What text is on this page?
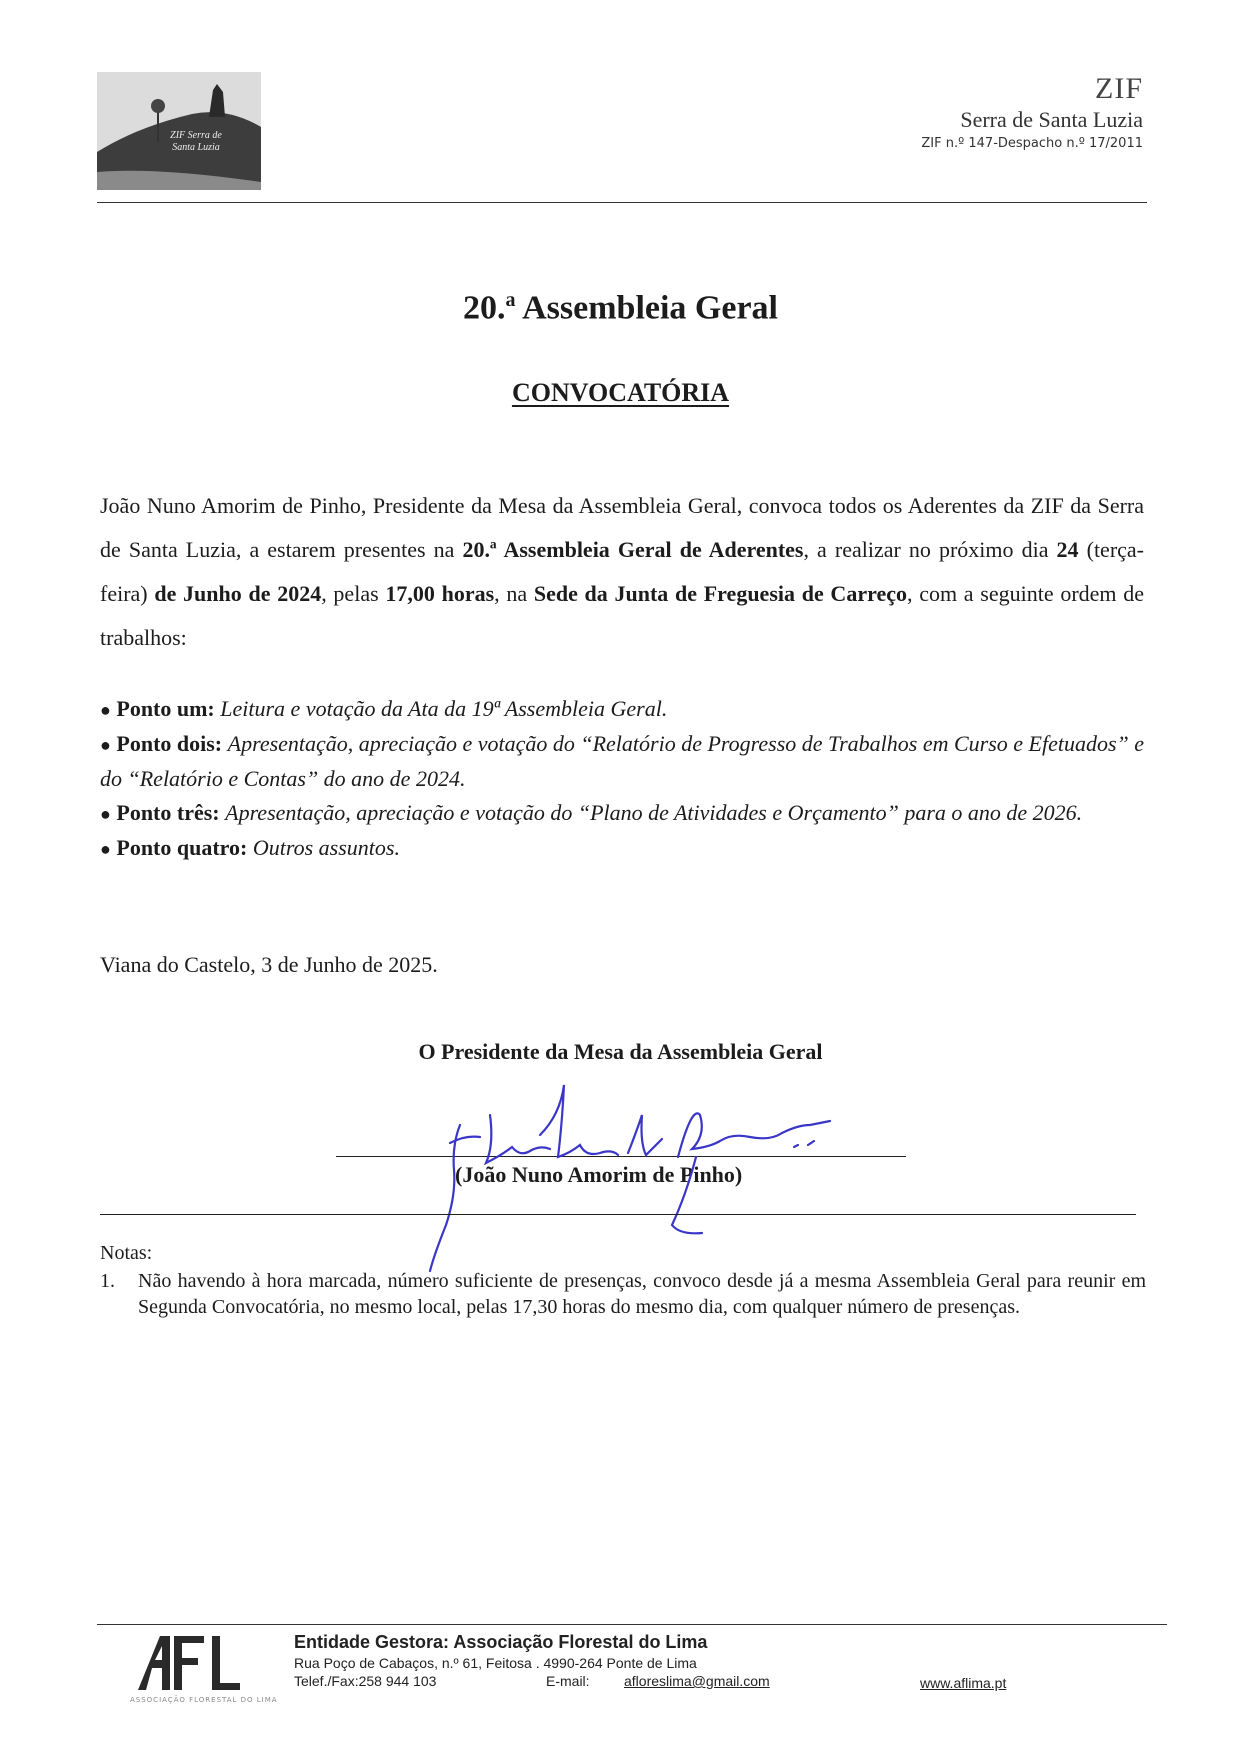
ZIF Serra de Santa Luzia
ZIF
Serra de Santa Luzia
ZIF n.º 147-Despacho n.º 17/2011
20.$^a$ Assembleia Geral
CONVOCATÓRIA
João Nuno Amorim de Pinho, Presidente da Mesa da Assembleia Geral, convoca todos os Aderentes da ZIF da Serra de Santa Luzia, a estarem presentes na 20.ª Assembleia Geral de Aderentes, a realizar no próximo dia 24 (terça-feira) de Junho de 2024, pelas 17,00 horas, na Sede da Junta de Freguesia de Carreço, com a seguinte ordem de trabalhos:

● Ponto um: Leitura e votação da Ata da 19ª Assembleia Geral.

● Ponto dois: Apresentação, apreciação e votação do “Relatório de Progresso de Trabalhos em Curso e Efetuados” e do “Relatório e Contas” do ano de 2024.

● Ponto três: Apresentação, apreciação e votação do “Plano de Atividades e Orçamento” para o ano de 2026.

● Ponto quatro: Outros assuntos.

Viana do Castelo, 3 de Junho de 2025.
O Presidente da Mesa da Assembleia Geral
(João Nuno Amorim de Pinho)
Notas:
1. Não havendo à hora marcada, número suficiente de presenças, convoco desde já a mesma Assembleia Geral para reunir em Segunda Convocatória, no mesmo local, pelas 17,30 horas do mesmo dia, com qualquer número de presenças.
ASSOCIAÇÃO FLORESTAL DO LIMA
Entidade Gestora: Associação Florestal do Lima
Rua Poço de Cabaços, n.º 61, Feitosa . 4990-264 Ponte de Lima
Telef./Fax:258 944 103	E-mail: afloreslima@gmail.com	www.aflima.pt
